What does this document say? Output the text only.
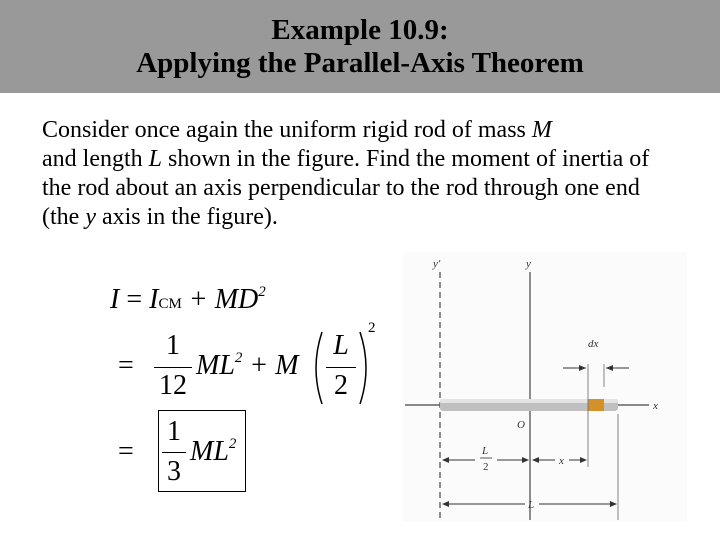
Example 10.9:
Applying the Parallel-Axis Theorem
Consider once again the uniform rigid rod of mass M
and length L shown in the figure. Find the moment of inertia of the rod about an axis perpendicular to the rod through one end (the y axis in the figure).
I = ICM + $MD^2$
=
1
12
$ML^2 + M$
L
2
2
=
1
3
$ML^2$
y′	y
x
dx
O
L
2	x
L
